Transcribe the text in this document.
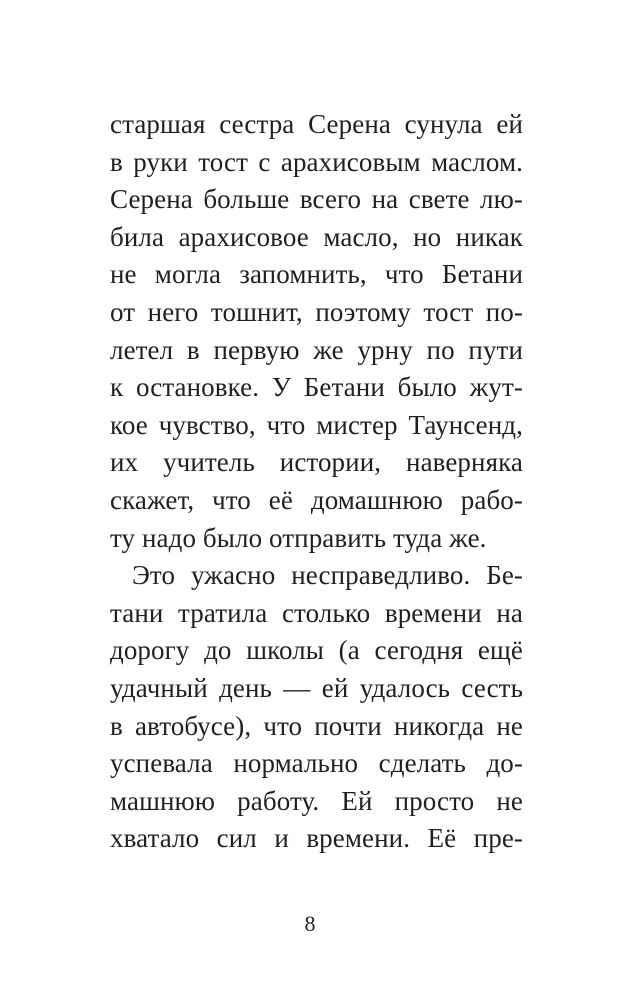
старшая сестра Серена сунула ей
в руки тост с арахисовым маслом.
Серена больше всего на свете лю-
била арахисовое масло, но никак
не могла запомнить, что Бетани
от него тошнит, поэтому тост по-
летел в первую же урну по пути
к остановке. У Бетани было жут-
кое чувство, что мистер Таунсенд,
их учитель истории, наверняка
скажет, что её домашнюю рабо-
ту надо было отправить туда же.
Это ужасно несправедливо. Бе-
тани тратила столько времени на
дорогу до школы (а сегодня ещё
удачный день — ей удалось сесть
в автобусе), что почти никогда не
успевала нормально сделать до-
машнюю работу. Ей просто не
хватало сил и времени. Её пре-
8
